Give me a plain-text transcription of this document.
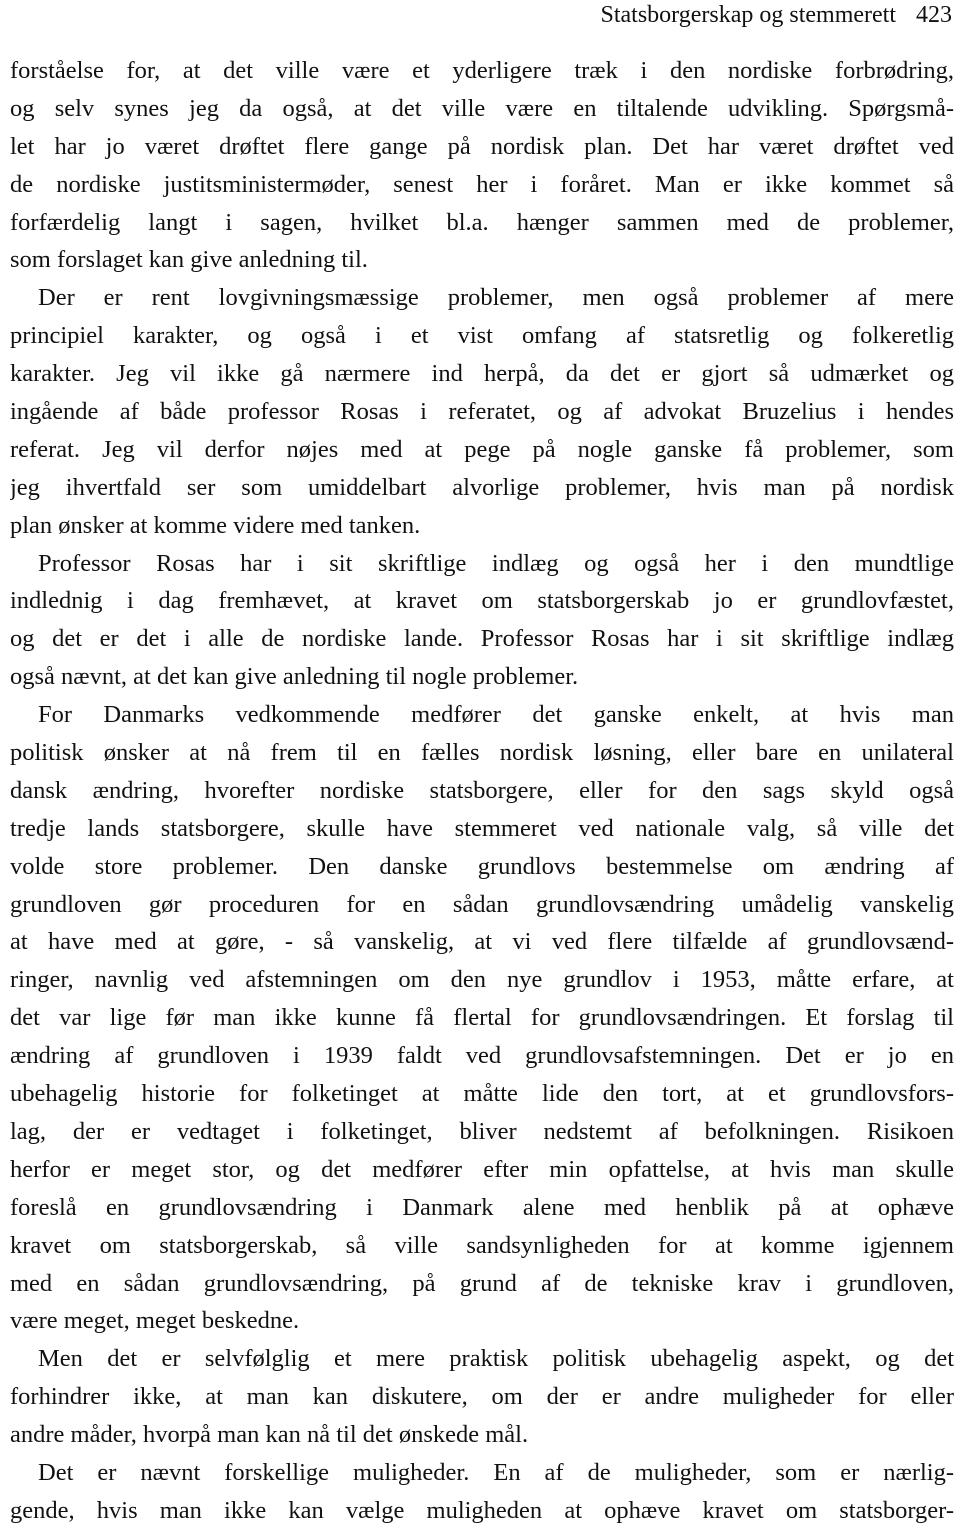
Statsborgerskap og stemmerett 423
forståelse for, at det ville være et yderligere træk i den nordiske forbrødring,
og selv synes jeg da også, at det ville være en tiltalende udvikling. Spørgsmå-
let har jo været drøftet flere gange på nordisk plan. Det har været drøftet ved
de nordiske justitsministermøder, senest her i foråret. Man er ikke kommet så
forfærdelig langt i sagen, hvilket bl.a. hænger sammen med de problemer,
som forslaget kan give anledning til.
Der er rent lovgivningsmæssige problemer, men også problemer af mere
principiel karakter, og også i et vist omfang af statsretlig og folkeretlig
karakter. Jeg vil ikke gå nærmere ind herpå, da det er gjort så udmærket og
ingående af både professor Rosas i referatet, og af advokat Bruzelius i hendes
referat. Jeg vil derfor nøjes med at pege på nogle ganske få problemer, som
jeg ihvertfald ser som umiddelbart alvorlige problemer, hvis man på nordisk
plan ønsker at komme videre med tanken.
Professor Rosas har i sit skriftlige indlæg og også her i den mundtlige
indlednig i dag fremhævet, at kravet om statsborgerskab jo er grundlovfæstet,
og det er det i alle de nordiske lande. Professor Rosas har i sit skriftlige indlæg
også nævnt, at det kan give anledning til nogle problemer.
For Danmarks vedkommende medfører det ganske enkelt, at hvis man
politisk ønsker at nå frem til en fælles nordisk løsning, eller bare en unilateral
dansk ændring, hvorefter nordiske statsborgere, eller for den sags skyld også
tredje lands statsborgere, skulle have stemmeret ved nationale valg, så ville det
volde store problemer. Den danske grundlovs bestemmelse om ændring af
grundloven gør proceduren for en sådan grundlovsændring umådelig vanskelig
at have med at gøre, - så vanskelig, at vi ved flere tilfælde af grundlovsænd-
ringer, navnlig ved afstemningen om den nye grundlov i 1953, måtte erfare, at
det var lige før man ikke kunne få flertal for grundlovsændringen. Et forslag til
ændring af grundloven i 1939 faldt ved grundlovsafstemningen. Det er jo en
ubehagelig historie for folketinget at måtte lide den tort, at et grundlovsfors-
lag, der er vedtaget i folketinget, bliver nedstemt af befolkningen. Risikoen
herfor er meget stor, og det medfører efter min opfattelse, at hvis man skulle
foreslå en grundlovsændring i Danmark alene med henblik på at ophæve
kravet om statsborgerskab, så ville sandsynligheden for at komme igjennem
med en sådan grundlovsændring, på grund af de tekniske krav i grundloven,
være meget, meget beskedne.
Men det er selvfølglig et mere praktisk politisk ubehagelig aspekt, og det
forhindrer ikke, at man kan diskutere, om der er andre muligheder for eller
andre måder, hvorpå man kan nå til det ønskede mål.
Det er nævnt forskellige muligheder. En af de muligheder, som er nærlig-
gende, hvis man ikke kan vælge muligheden at ophæve kravet om statsborger-
